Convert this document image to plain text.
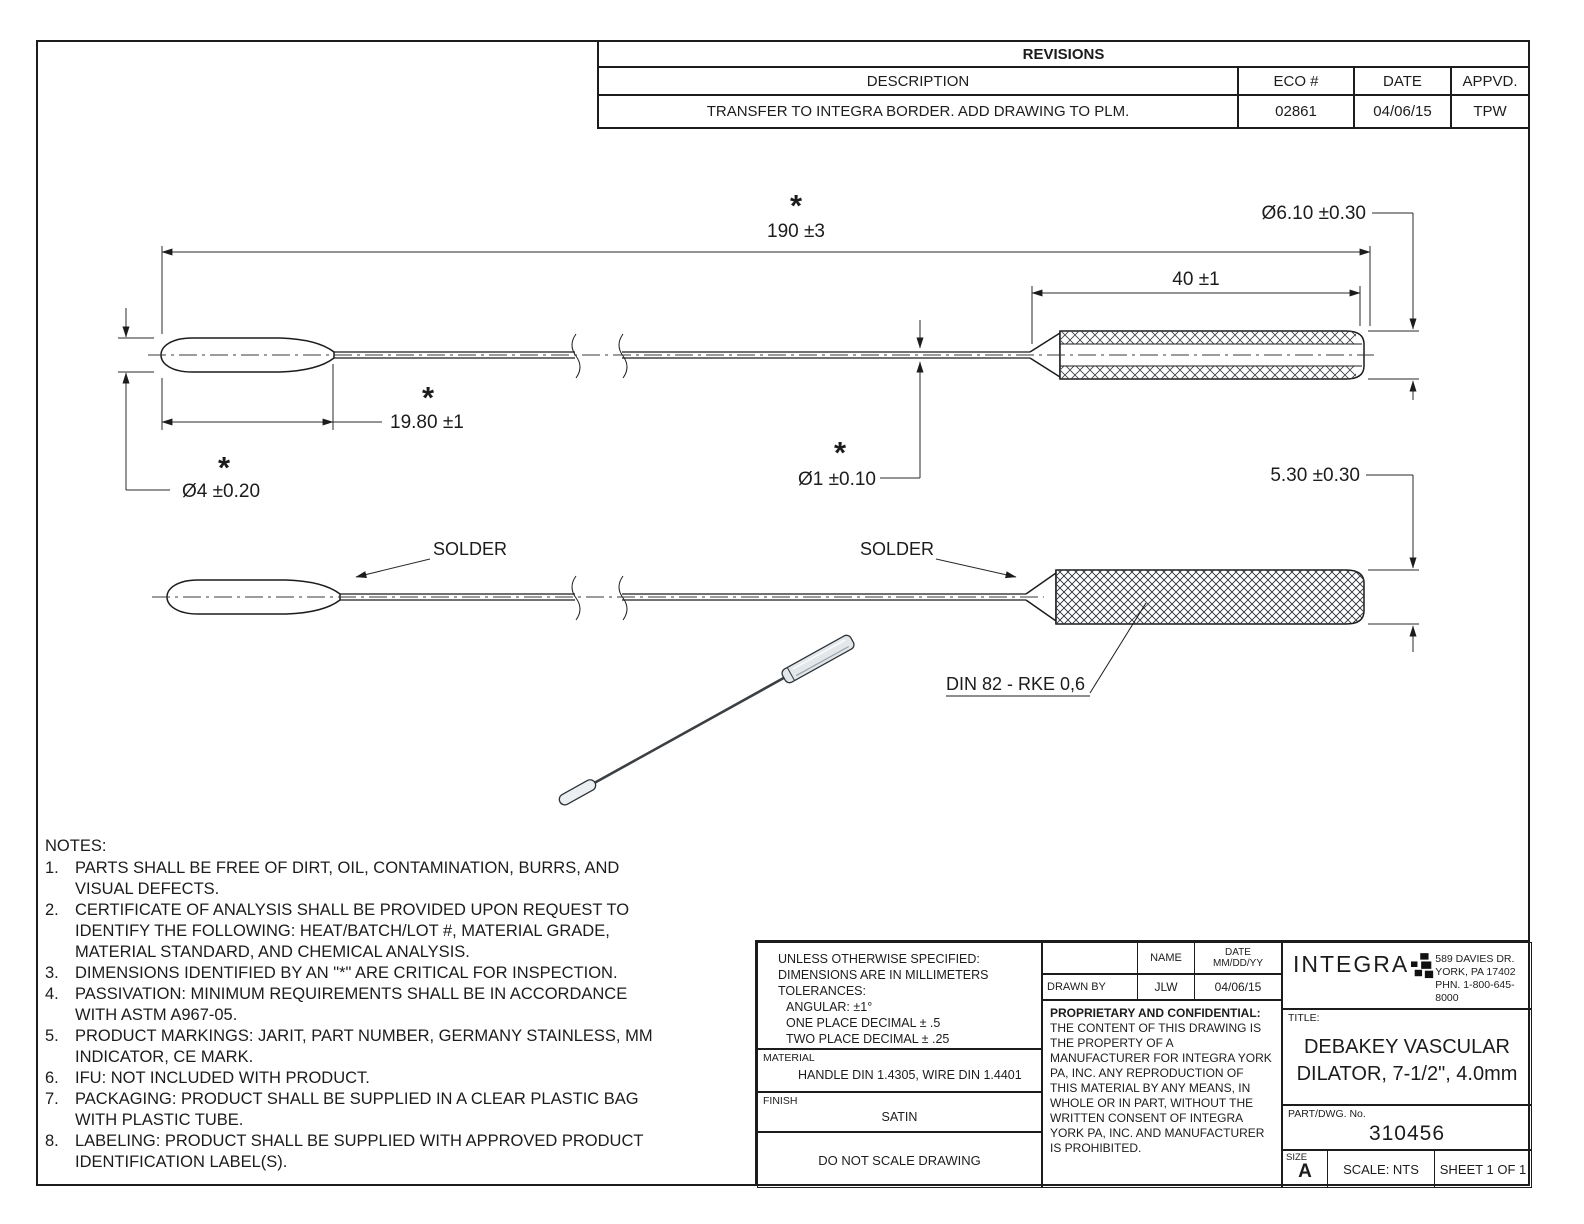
*
190 ±3
40 ±1
Ø6.10 ±0.30
*
Ø4 ±0.20
*
19.80 ±1
*
Ø1 ±0.10
SOLDER	SOLDER
DIN 82 - RKE 0,6
5.30 ±0.30
REVISIONS
DESCRIPTION	ECO #	DATE	APPVD.
TRANSFER TO INTEGRA BORDER. ADD DRAWING TO PLM.	02861	04/06/15	TPW
NOTES:
1. PARTS SHALL BE FREE OF DIRT, OIL, CONTAMINATION, BURRS, AND VISUAL DEFECTS.
2. CERTIFICATE OF ANALYSIS SHALL BE PROVIDED UPON REQUEST TO IDENTIFY THE FOLLOWING: HEAT/BATCH/LOT #, MATERIAL GRADE, MATERIAL STANDARD, AND CHEMICAL ANALYSIS.
3. DIMENSIONS IDENTIFIED BY AN "*" ARE CRITICAL FOR INSPECTION.
4. PASSIVATION: MINIMUM REQUIREMENTS SHALL BE IN ACCORDANCE WITH ASTM A967-05.
5. PRODUCT MARKINGS: JARIT, PART NUMBER, GERMANY STAINLESS, MM INDICATOR, CE MARK.
6. IFU: NOT INCLUDED WITH PRODUCT.
7. PACKAGING: PRODUCT SHALL BE SUPPLIED IN A CLEAR PLASTIC BAG WITH PLASTIC TUBE.
8. LABELING: PRODUCT SHALL BE SUPPLIED WITH APPROVED PRODUCT IDENTIFICATION LABEL(S).
UNLESS OTHERWISE SPECIFIED:
DIMENSIONS ARE IN MILLIMETERS
TOLERANCES:
ANGULAR: ±1°
ONE PLACE DECIMAL ± .5
TWO PLACE DECIMAL ± .25
MATERIAL
HANDLE DIN 1.4305, WIRE DIN 1.4401
FINISH
SATIN
DO NOT SCALE DRAWING
NAME	DATE
MM/DD/YY
DRAWN BY	JLW	04/06/15
PROPRIETARY AND CONFIDENTIAL:
THE CONTENT OF THIS DRAWING IS THE PROPERTY OF A MANUFACTURER FOR INTEGRA YORK PA, INC. ANY REPRODUCTION OF THIS MATERIAL BY ANY MEANS, IN WHOLE OR IN PART, WITHOUT THE WRITTEN CONSENT OF INTEGRA YORK PA, INC. AND MANUFACTURER IS PROHIBITED.
INTEGRA 589 DAVIES DR.
YORK, PA 17402
PHN. 1-800-645-8000
TITLE:
DEBAKEY VASCULAR
DILATOR, 7-1/2", 4.0mm
PART/DWG. No.
310456
SIZE
A	SCALE: NTS	SHEET 1 OF 1
